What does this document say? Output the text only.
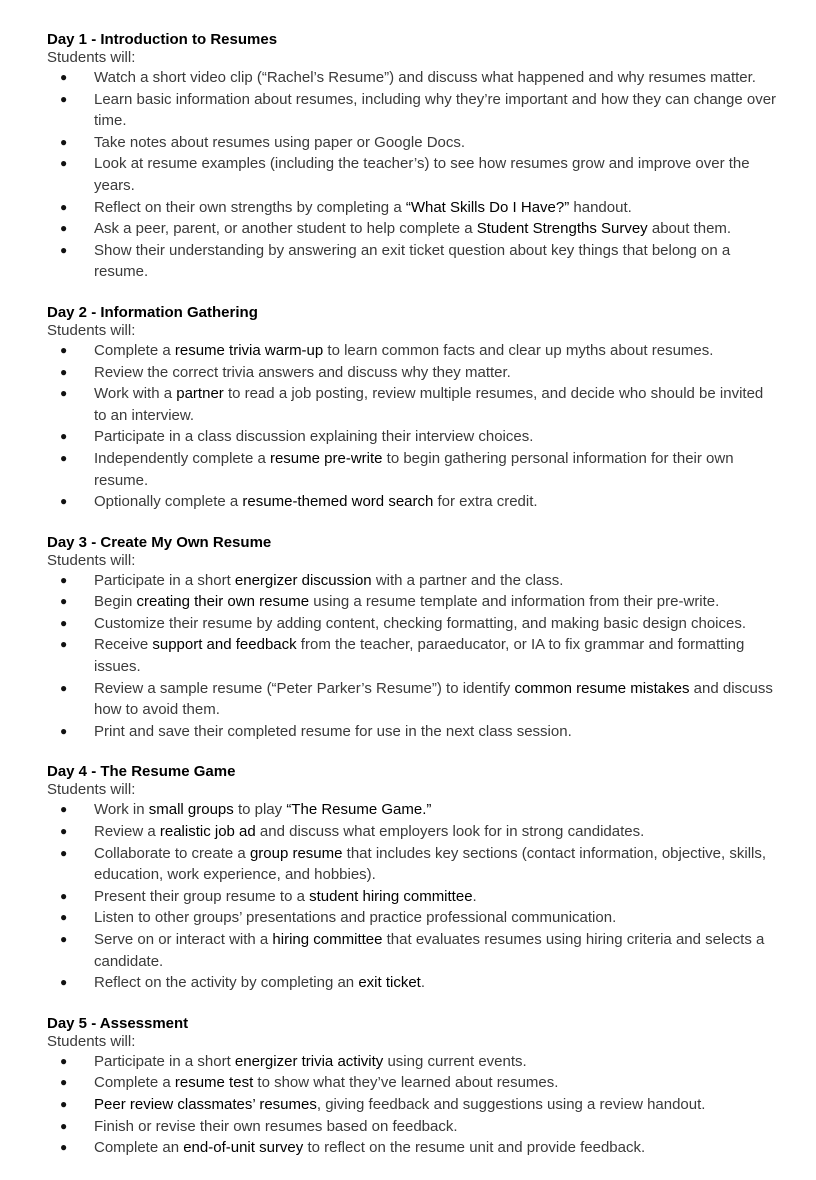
Day 1 - Introduction to Resumes
Students will:
● Watch a short video clip (“Rachel’s Resume”) and discuss what happened and why resumes matter.
● Learn basic information about resumes, including why they’re important and how they can change over time.
● Take notes about resumes using paper or Google Docs.
● Look at resume examples (including the teacher’s) to see how resumes grow and improve over the years.
● Reflect on their own strengths by completing a “What Skills Do I Have?” handout.
● Ask a peer, parent, or another student to help complete a Student Strengths Survey about them.
● Show their understanding by answering an exit ticket question about key things that belong on a resume.
Day 2 - Information Gathering
Students will:
● Complete a resume trivia warm-up to learn common facts and clear up myths about resumes.
● Review the correct trivia answers and discuss why they matter.
● Work with a partner to read a job posting, review multiple resumes, and decide who should be invited to an interview.
● Participate in a class discussion explaining their interview choices.
● Independently complete a resume pre-write to begin gathering personal information for their own resume.
● Optionally complete a resume-themed word search for extra credit.
Day 3 - Create My Own Resume
Students will:
● Participate in a short energizer discussion with a partner and the class.
● Begin creating their own resume using a resume template and information from their pre-write.
● Customize their resume by adding content, checking formatting, and making basic design choices.
● Receive support and feedback from the teacher, paraeducator, or IA to fix grammar and formatting issues.
● Review a sample resume (“Peter Parker’s Resume”) to identify common resume mistakes and discuss how to avoid them.
● Print and save their completed resume for use in the next class session.
Day 4 - The Resume Game
Students will:
● Work in small groups to play “The Resume Game.”
● Review a realistic job ad and discuss what employers look for in strong candidates.
● Collaborate to create a group resume that includes key sections (contact information, objective, skills, education, work experience, and hobbies).
● Present their group resume to a student hiring committee.
● Listen to other groups’ presentations and practice professional communication.
● Serve on or interact with a hiring committee that evaluates resumes using hiring criteria and selects a candidate.
● Reflect on the activity by completing an exit ticket.
Day 5 - Assessment
Students will:
● Participate in a short energizer trivia activity using current events.
● Complete a resume test to show what they’ve learned about resumes.
● Peer review classmates’ resumes, giving feedback and suggestions using a review handout.
● Finish or revise their own resumes based on feedback.
● Complete an end-of-unit survey to reflect on the resume unit and provide feedback.
